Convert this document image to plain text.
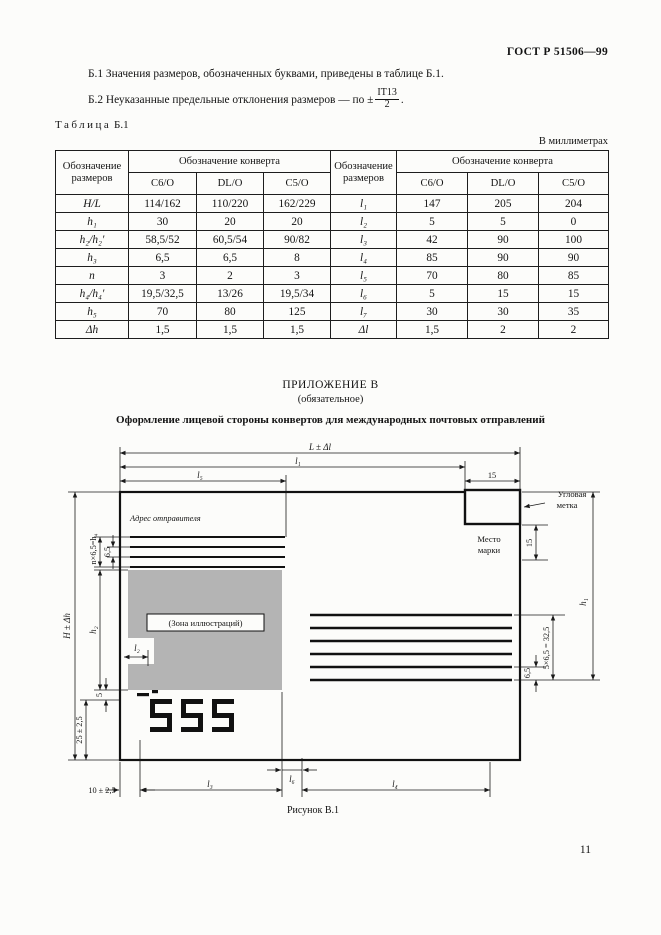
ГОСТ Р 51506—99

Б.1 Значения размеров, обозначенных буквами, приведены в таблице Б.1.

Б.2 Неуказанные предельные отклонения размеров — по ± $\frac{IT13}{2}$ .

Таблица Б.1
В миллиметрах
Обозначение размеров	Обозначение конверта			Обозначение размеров	Обозначение конверта		
	С6/О	DL/О	С5/О		С6/О	DL/О	С5/О
H/L	114/162	110/220	162/229	l₁	147	205	204
h₁	30	20	20	l₂	5	5	0
h₂/h₂′	58,5/52	60,5/54	90/82	l₃	42	90	100
h₃	6,5	6,5	8	l₄	85	90	90
n	3	2	3	l₅	70	80	85
h₄/h₄′	19,5/32,5	13/26	19,5/34	l₆	5	15	15
h₅	70	80	125	l₇	30	30	35
Δh	1,5	1,5	1,5	Δl	1,5	2	2
ПРИЛОЖЕНИЕ В
(обязательное)
Оформление лицевой стороны конвертов для международных почтовых отправлений
Угловая
метка
Место
марки
Адрес отправителя
(Зона иллюстраций)
l₂
L ± Δl
l₁
l₅	15
H ± Δh
n×6,5=h₄ 6,5
h₂
5
25 ± 2,5
15
6,5
5×6,5 = 32,5
h₁
10 ± 2,5
l₃	l₄
l₆
Рисунок В.1
11
